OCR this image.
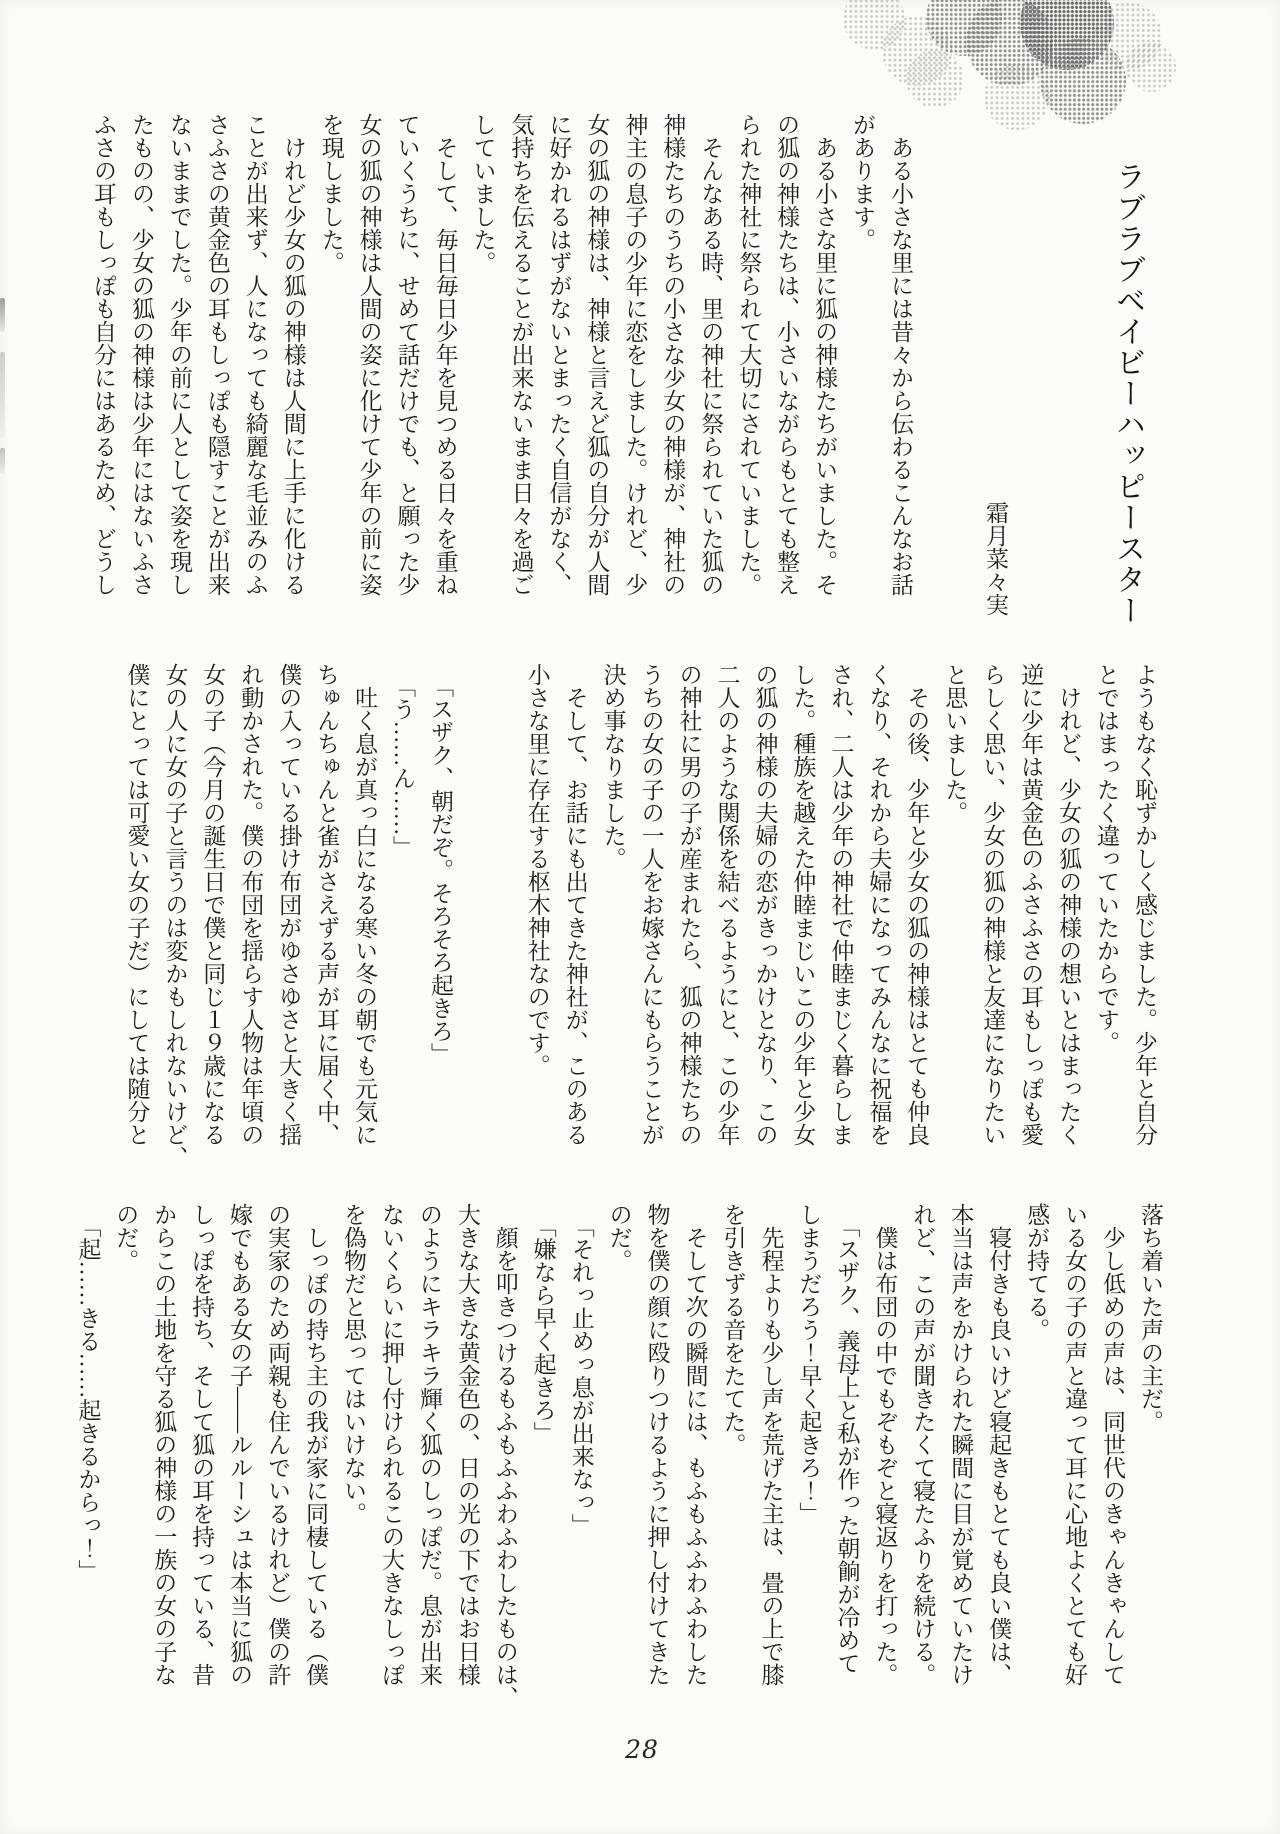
ラブラブベイビーハッピースター
霜月菜々実
　ある小さな里には昔々から伝わるこんなお話
があります。
　ある小さな里に狐の神様たちがいました。そ
の狐の神様たちは、小さいながらもとても整え
られた神社に祭られて大切にされていました。
　そんなある時、里の神社に祭られていた狐の
神様たちのうちの小さな少女の神様が、神社の
神主の息子の少年に恋をしました。けれど、少
女の狐の神様は、神様と言えど狐の自分が人間
に好かれるはずがないとまったく自信がなく、
気持ちを伝えることが出来ないまま日々を過ご
していました。
　そして、毎日毎日少年を見つめる日々を重ね
ていくうちに、せめて話だけでも、と願った少
女の狐の神様は人間の姿に化けて少年の前に姿
を現しました。
　けれど少女の狐の神様は人間に上手に化ける
ことが出来ず、人になっても綺麗な毛並みのふ
さふさの黄金色の耳もしっぽも隠すことが出来
ないままでした。少年の前に人として姿を現し
たものの、少女の狐の神様は少年にはないふさ
ふさの耳もしっぽも自分にはあるため、どうし
ようもなく恥ずかしく感じました。少年と自分
とではまったく違っていたからです。
　けれど、少女の狐の神様の想いとはまったく
逆に少年は黄金色のふさふさの耳もしっぽも愛
らしく思い、少女の狐の神様と友達になりたい
と思いました。
　その後、少年と少女の狐の神様はとても仲良
くなり、それから夫婦になってみんなに祝福を
され、二人は少年の神社で仲睦まじく暮らしま
した。種族を越えた仲睦まじいこの少年と少女
の狐の神様の夫婦の恋がきっかけとなり、この
二人のような関係を結べるようにと、この少年
の神社に男の子が産まれたら、狐の神様たちの
うちの女の子の一人をお嫁さんにもらうことが
決め事なりました。
　そして、お話にも出てきた神社が、このある
小さな里に存在する枢木神社なのです。
　「スザク、朝だぞ。そろそろ起きろ」
　「う……ん……」
　吐く息が真っ白になる寒い冬の朝でも元気に
ちゅんちゅんと雀がさえずる声が耳に届く中、
僕の入っている掛け布団がゆさゆさと大きく揺
れ動かされた。僕の布団を揺らす人物は年頃の
女の子（今月の誕生日で僕と同じ１９歳になる
女の人に女の子と言うのは変かもしれないけど、
僕にとっては可愛い女の子だ）にしては随分と
落ち着いた声の主だ。
　少し低めの声は、同世代のきゃんきゃんして
いる女の子の声と違って耳に心地よくとても好
感が持てる。
　寝付きも良いけど寝起きもとても良い僕は、
本当は声をかけられた瞬間に目が覚めていたけ
れど、この声が聞きたくて寝たふりを続ける。
　僕は布団の中でもぞもぞと寝返りを打った。
　「スザク、義母上と私が作った朝餉が冷めて
しまうだろう！早く起きろ！」
　先程よりも少し声を荒げた主は、畳の上で膝
を引きずる音をたてた。
　そして次の瞬間には、もふもふふわふわした
物を僕の顔に殴りつけるように押し付けてきた
のだ。
　「それっ止めっ息が出来なっ」
　「嫌なら早く起きろ」
　顔を叩きつけるもふもふふわふわしたものは、
大きな大きな黄金色の、日の光の下ではお日様
のようにキラキラ輝く狐のしっぽだ。息が出来
ないくらいに押し付けられるこの大きなしっぽ
を偽物だと思ってはいけない。
　しっぽの持ち主の我が家に同棲している（僕
の実家のため両親も住んでいるけれど）僕の許
嫁でもある女の子――ルルーシュは本当に狐の
しっぽを持ち、そして狐の耳を持っている、昔
からこの土地を守る狐の神様の一族の女の子な
のだ。
　「起……きる……起きるからっ！」
28
